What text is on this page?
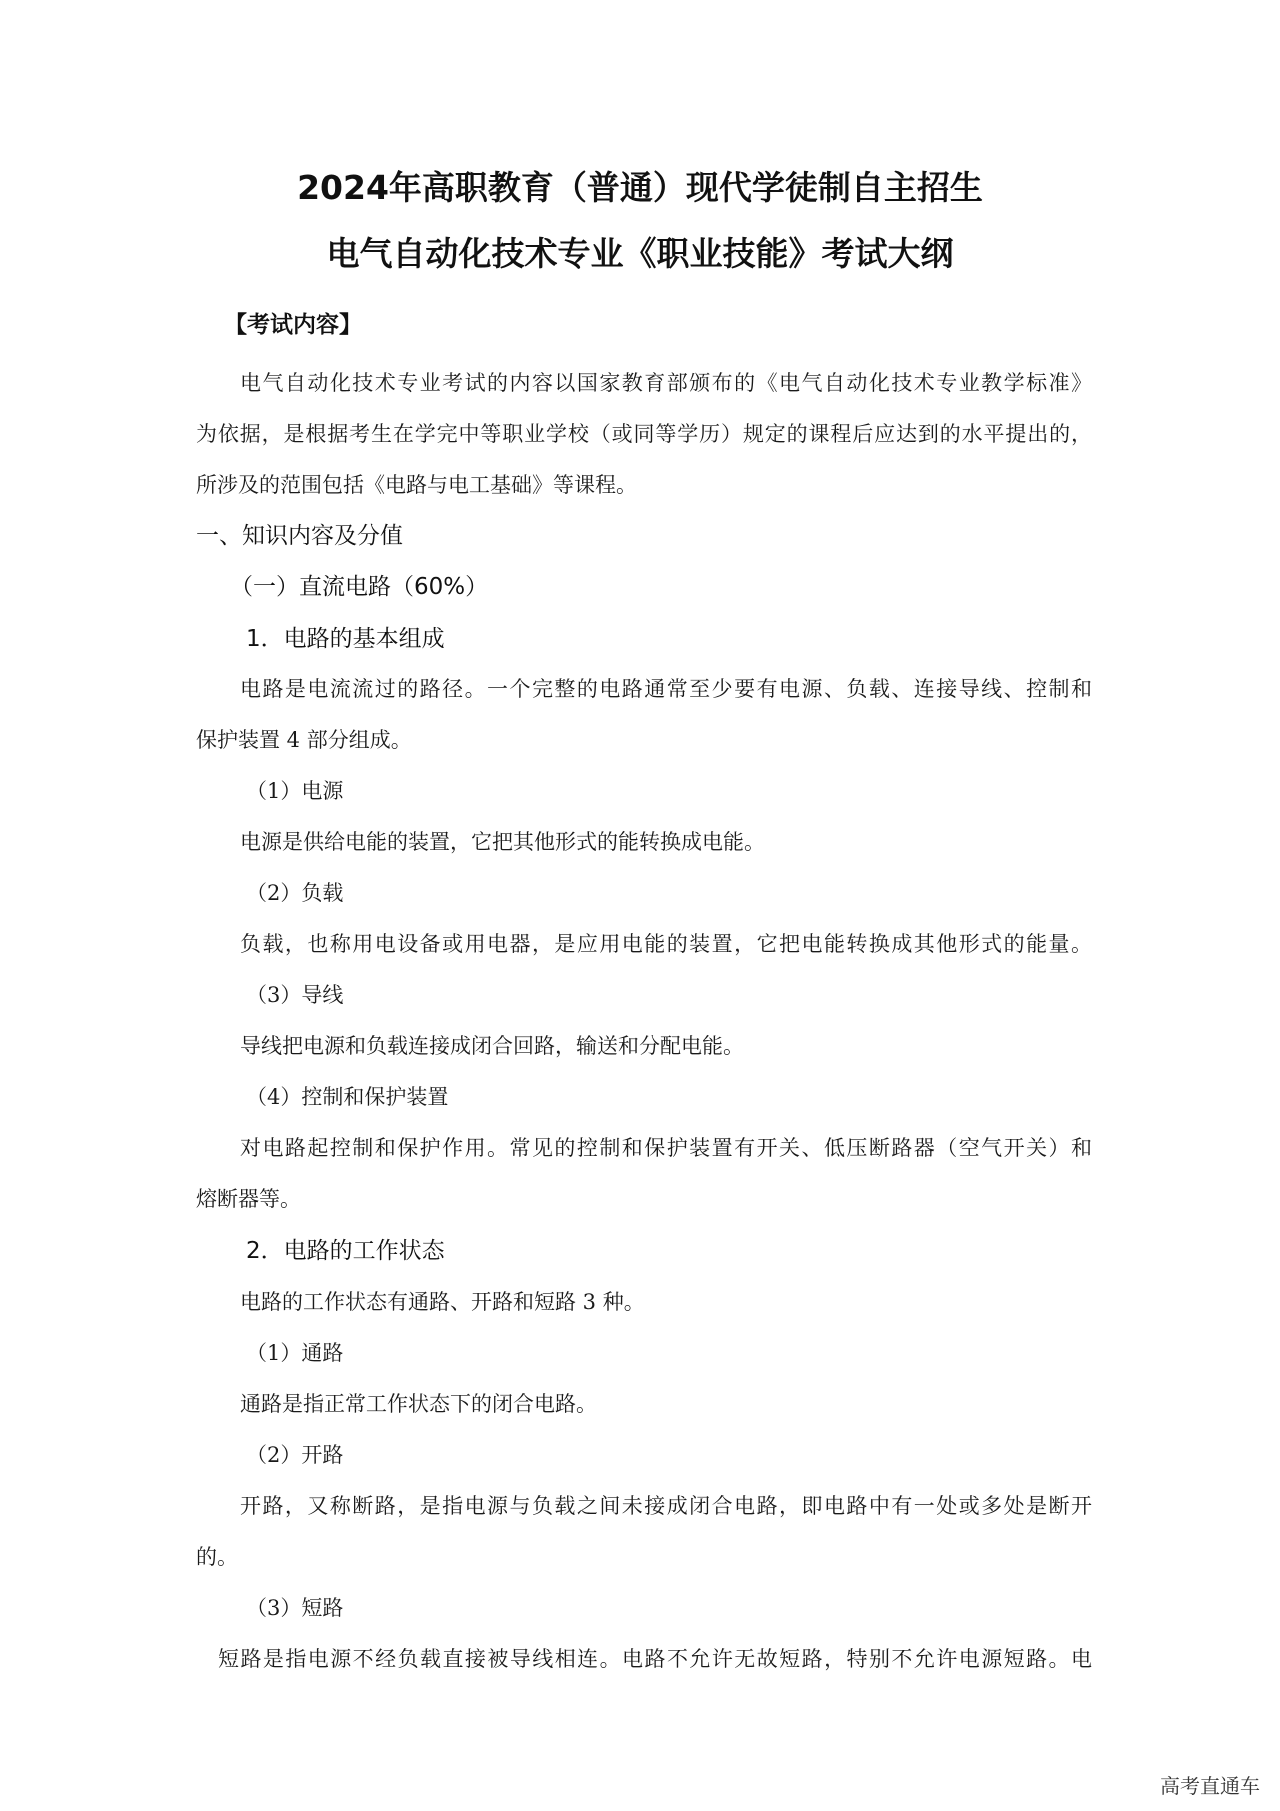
2024年高职教育（普通）现代学徒制自主招生
电气自动化技术专业《职业技能》考试大纲
【考试内容】
电气自动化技术专业考试的内容以国家教育部颁布的《电气自动化技术专业教学标准》
为依据，是根据考生在学完中等职业学校（或同等学历）规定的课程后应达到的水平提出的，
所涉及的范围包括《电路与电工基础》等课程。
一、知识内容及分值
（一）直流电路（60%）
1．电路的基本组成
电路是电流流过的路径。一个完整的电路通常至少要有电源、负载、连接导线、控制和
保护装置 4 部分组成。
（1）电源
电源是供给电能的装置，它把其他形式的能转换成电能。
（2）负载
负载，也称用电设备或用电器，是应用电能的装置，它把电能转换成其他形式的能量。
（3）导线
导线把电源和负载连接成闭合回路，输送和分配电能。
（4）控制和保护装置
对电路起控制和保护作用。常见的控制和保护装置有开关、低压断路器（空气开关）和
熔断器等。
2．电路的工作状态
电路的工作状态有通路、开路和短路 3 种。
（1）通路
通路是指正常工作状态下的闭合电路。
（2）开路
开路，又称断路，是指电源与负载之间未接成闭合电路，即电路中有一处或多处是断开
的。
（3）短路
短路是指电源不经负载直接被导线相连。电路不允许无故短路，特别不允许电源短路。电
高考直通车
